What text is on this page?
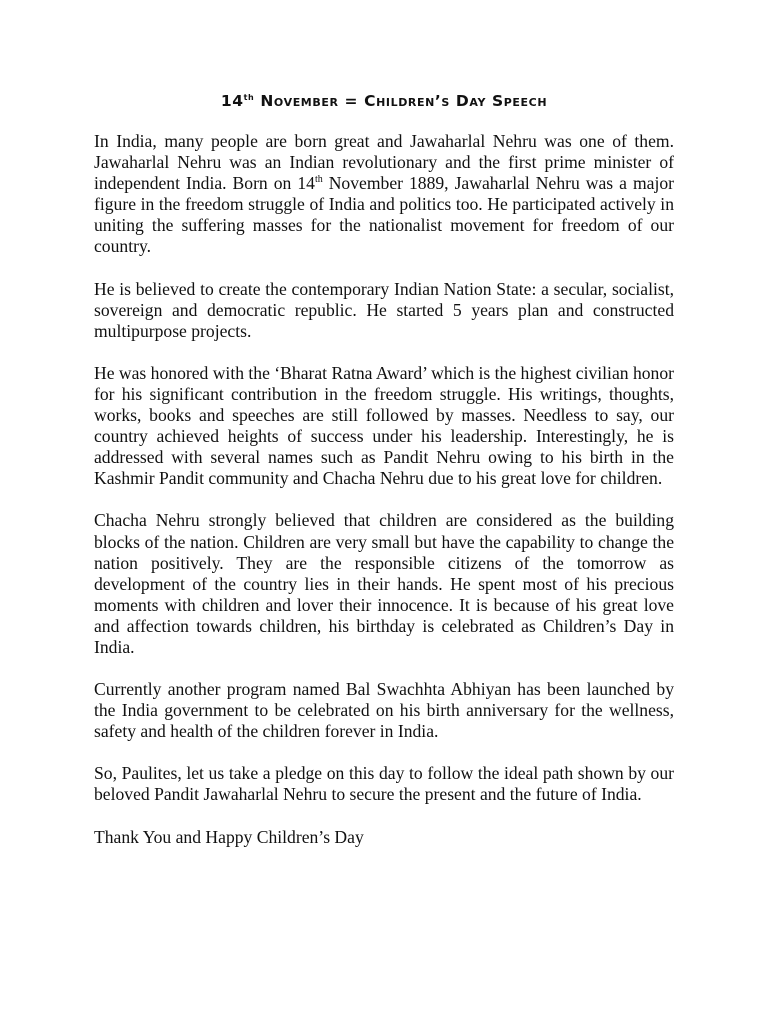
14th November = Children’s Day Speech

In India, many people are born great and Jawaharlal Nehru was one of them. Jawaharlal Nehru was an Indian revolutionary and the first prime minister of independent India. Born on 14th November 1889, Jawaharlal Nehru was a major figure in the freedom struggle of India and politics too. He participated actively in uniting the suffering masses for the nationalist movement for freedom of our country.

He is believed to create the contemporary Indian Nation State: a secular, socialist, sovereign and democratic republic. He started 5 years plan and constructed multipurpose projects.

He was honored with the ‘Bharat Ratna Award’ which is the highest civilian honor for his significant contribution in the freedom struggle. His writings, thoughts, works, books and speeches are still followed by masses. Needless to say, our country achieved heights of success under his leadership. Interestingly, he is addressed with several names such as Pandit Nehru owing to his birth in the Kashmir Pandit community and Chacha Nehru due to his great love for children.

Chacha Nehru strongly believed that children are considered as the building blocks of the nation. Children are very small but have the capability to change the nation positively. They are the responsible citizens of the tomorrow as development of the country lies in their hands. He spent most of his precious moments with children and lover their innocence. It is because of his great love and affection towards children, his birthday is celebrated as Children’s Day in India.

Currently another program named Bal Swachhta Abhiyan has been launched by the India government to be celebrated on his birth anniversary for the wellness, safety and health of the children forever in India.

So, Paulites, let us take a pledge on this day to follow the ideal path shown by our beloved Pandit Jawaharlal Nehru to secure the present and the future of India.

Thank You and Happy Children’s Day
